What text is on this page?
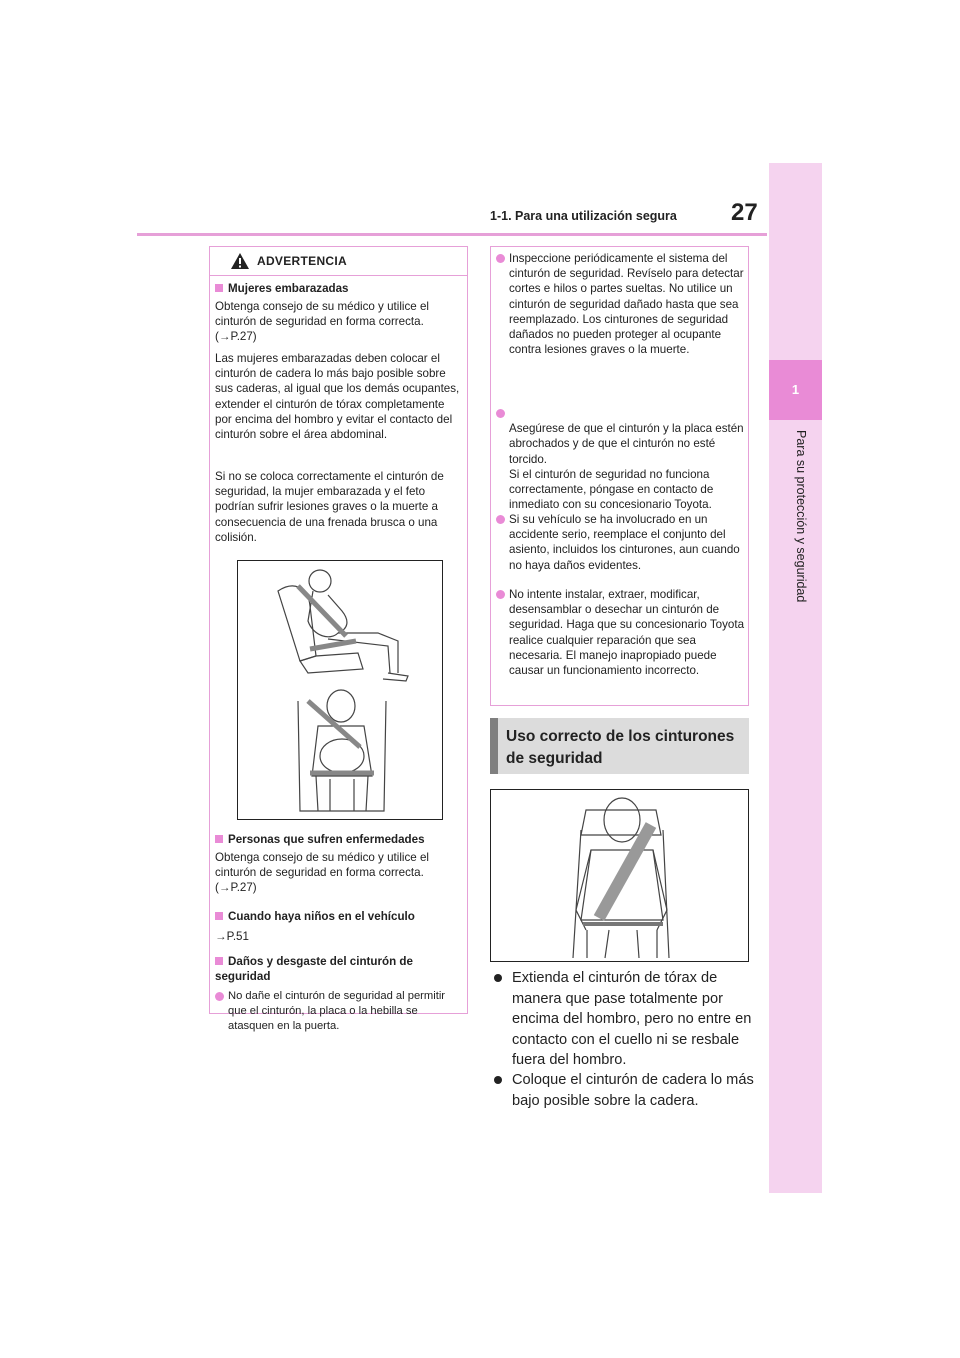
1-1. Para una utilización segura 27
1
Para su protección y seguridad
ADVERTENCIA
Mujeres embarazadas
Obtenga consejo de su médico y utilice el cinturón de seguridad en forma correcta. (→P.27)
Las mujeres embarazadas deben colocar el cinturón de cadera lo más bajo posible sobre sus caderas, al igual que los demás ocupantes, extender el cinturón de tórax completamente por encima del hombro y evitar el contacto del cinturón sobre el área abdominal.
Si no se coloca correctamente el cinturón de seguridad, la mujer embarazada y el feto podrían sufrir lesiones graves o la muerte a consecuencia de una frenada brusca o una colisión.
Personas que sufren enfermedades
Obtenga consejo de su médico y utilice el cinturón de seguridad en forma correcta. (→P.27)
Cuando haya niños en el vehículo
→P.51
Daños y desgaste del cinturón de seguridad
No dañe el cinturón de seguridad al permitir que el cinturón, la placa o la hebilla se atasquen en la puerta.
Inspeccione periódicamente el sistema del cinturón de seguridad. Revíselo para detectar cortes e hilos o partes sueltas. No utilice un cinturón de seguridad dañado hasta que sea reemplazado. Los cinturones de seguridad dañados no pueden proteger al ocupante contra lesiones graves o la muerte.

Asegúrese de que el cinturón y la placa estén abrochados y de que el cinturón no esté torcido.
Si el cinturón de seguridad no funciona correctamente, póngase en contacto de inmediato con su concesionario Toyota.

Si su vehículo se ha involucrado en un accidente serio, reemplace el conjunto del asiento, incluidos los cinturones, aun cuando no haya daños evidentes.
No intente instalar, extraer, modificar, desensamblar o desechar un cinturón de seguridad. Haga que su concesionario Toyota realice cualquier reparación que sea necesaria. El manejo inapropiado puede causar un funcionamiento incorrecto.
Uso correcto de los cinturones de seguridad
Extienda el cinturón de tórax de manera que pase totalmente por encima del hombro, pero no entre en contacto con el cuello ni se resbale fuera del hombro.
Coloque el cinturón de cadera lo más bajo posible sobre la cadera.
